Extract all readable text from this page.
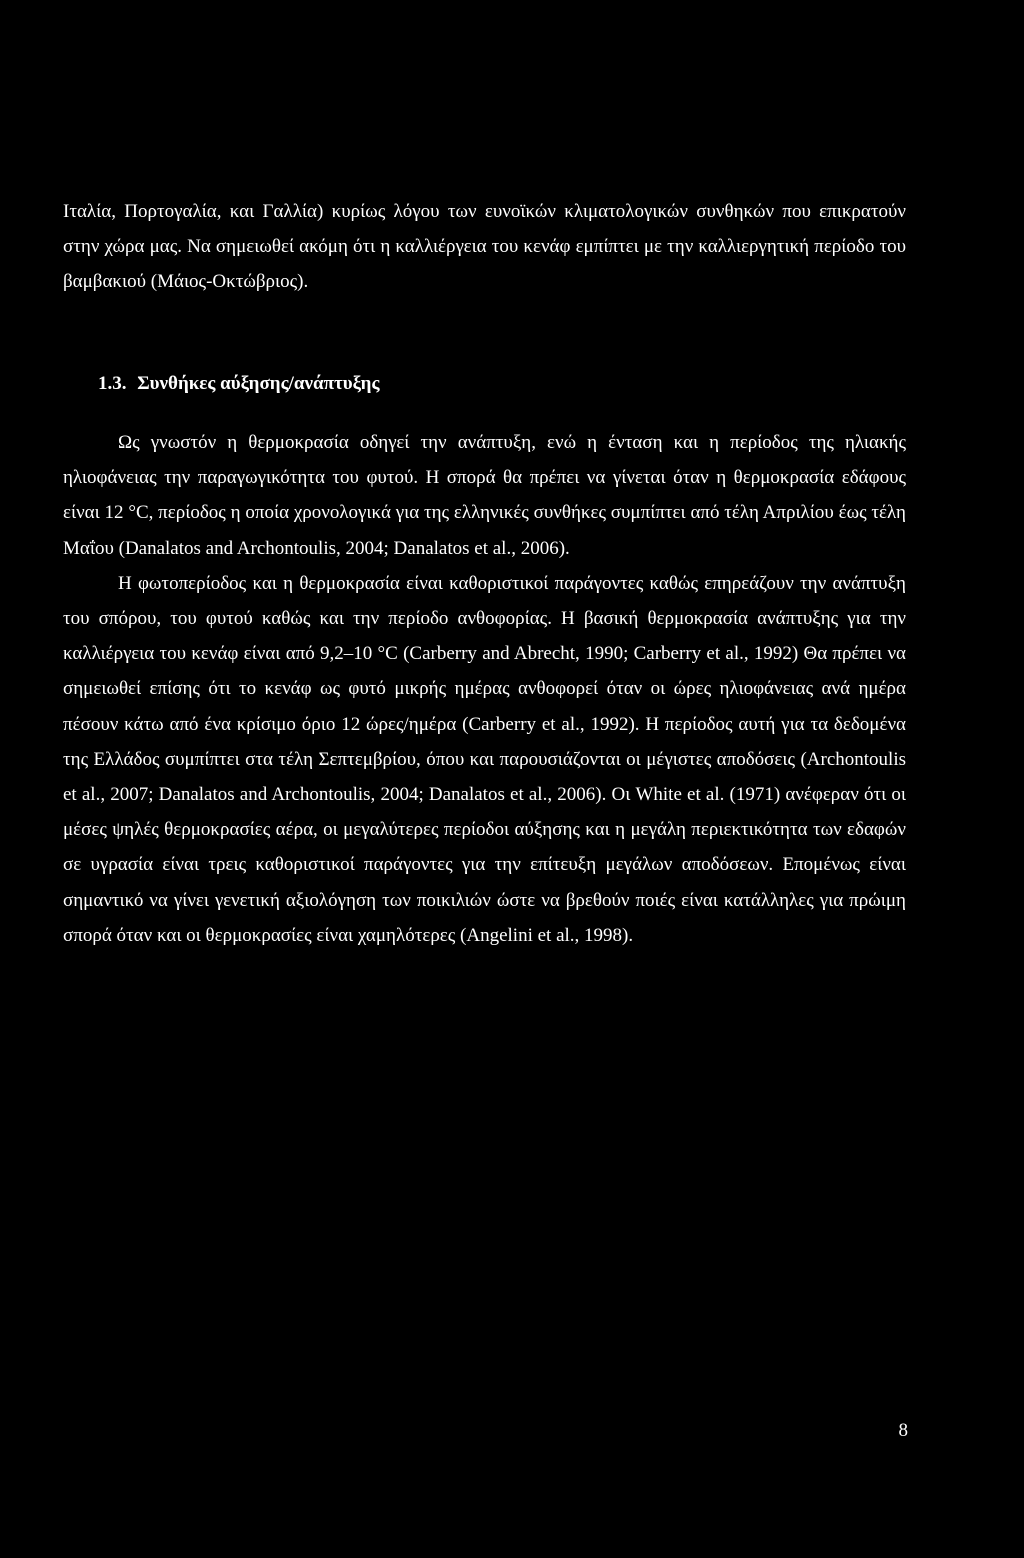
Ιταλία, Πορτογαλία, και Γαλλία) κυρίως λόγου των ευνοϊκών κλιματολογικών συνθηκών που επικρατούν στην χώρα μας. Να σημειωθεί ακόμη ότι η καλλιέργεια του κενάφ εμπίπτει με την καλλιεργητική περίοδο του βαμβακιού (Μάιος-Οκτώβριος).

1.3. Συνθήκες αύξησης/ανάπτυξης

Ως γνωστόν η θερμοκρασία οδηγεί την ανάπτυξη, ενώ η ένταση και η περίοδος της ηλιακής ηλιοφάνειας την παραγωγικότητα του φυτού. Η σπορά θα πρέπει να γίνεται όταν η θερμοκρασία εδάφους είναι 12 °C, περίοδος η οποία χρονολογικά για της ελληνικές συνθήκες συμπίπτει από τέλη Απριλίου έως τέλη Μαΐου (Danalatos and Archontoulis, 2004; Danalatos et al., 2006).

Η φωτοπερίοδος και η θερμοκρασία είναι καθοριστικοί παράγοντες καθώς επηρεάζουν την ανάπτυξη του σπόρου, του φυτού καθώς και την περίοδο ανθοφορίας. Η βασική θερμοκρασία ανάπτυξης για την καλλιέργεια του κενάφ είναι από 9,2–10 °C (Carberry and Abrecht, 1990; Carberry et al., 1992) Θα πρέπει να σημειωθεί επίσης ότι το κενάφ ως φυτό μικρής ημέρας ανθοφορεί όταν οι ώρες ηλιοφάνειας ανά ημέρα πέσουν κάτω από ένα κρίσιμο όριο 12 ώρες/ημέρα (Carberry et al., 1992). Η περίοδος αυτή για τα δεδομένα της Ελλάδος συμπίπτει στα τέλη Σεπτεμβρίου, όπου και παρουσιάζονται οι μέγιστες αποδόσεις (Archontoulis et al., 2007; Danalatos and Archontoulis, 2004; Danalatos et al., 2006). Οι White et al. (1971) ανέφεραν ότι οι μέσες ψηλές θερμοκρασίες αέρα, οι μεγαλύτερες περίοδοι αύξησης και η μεγάλη περιεκτικότητα των εδαφών σε υγρασία είναι τρεις καθοριστικοί παράγοντες για την επίτευξη μεγάλων αποδόσεων. Επομένως είναι σημαντικό να γίνει γενετική αξιολόγηση των ποικιλιών ώστε να βρεθούν ποιές είναι κατάλληλες για πρώιμη σπορά όταν και οι θερμοκρασίες είναι χαμηλότερες (Angelini et al., 1998).

8
